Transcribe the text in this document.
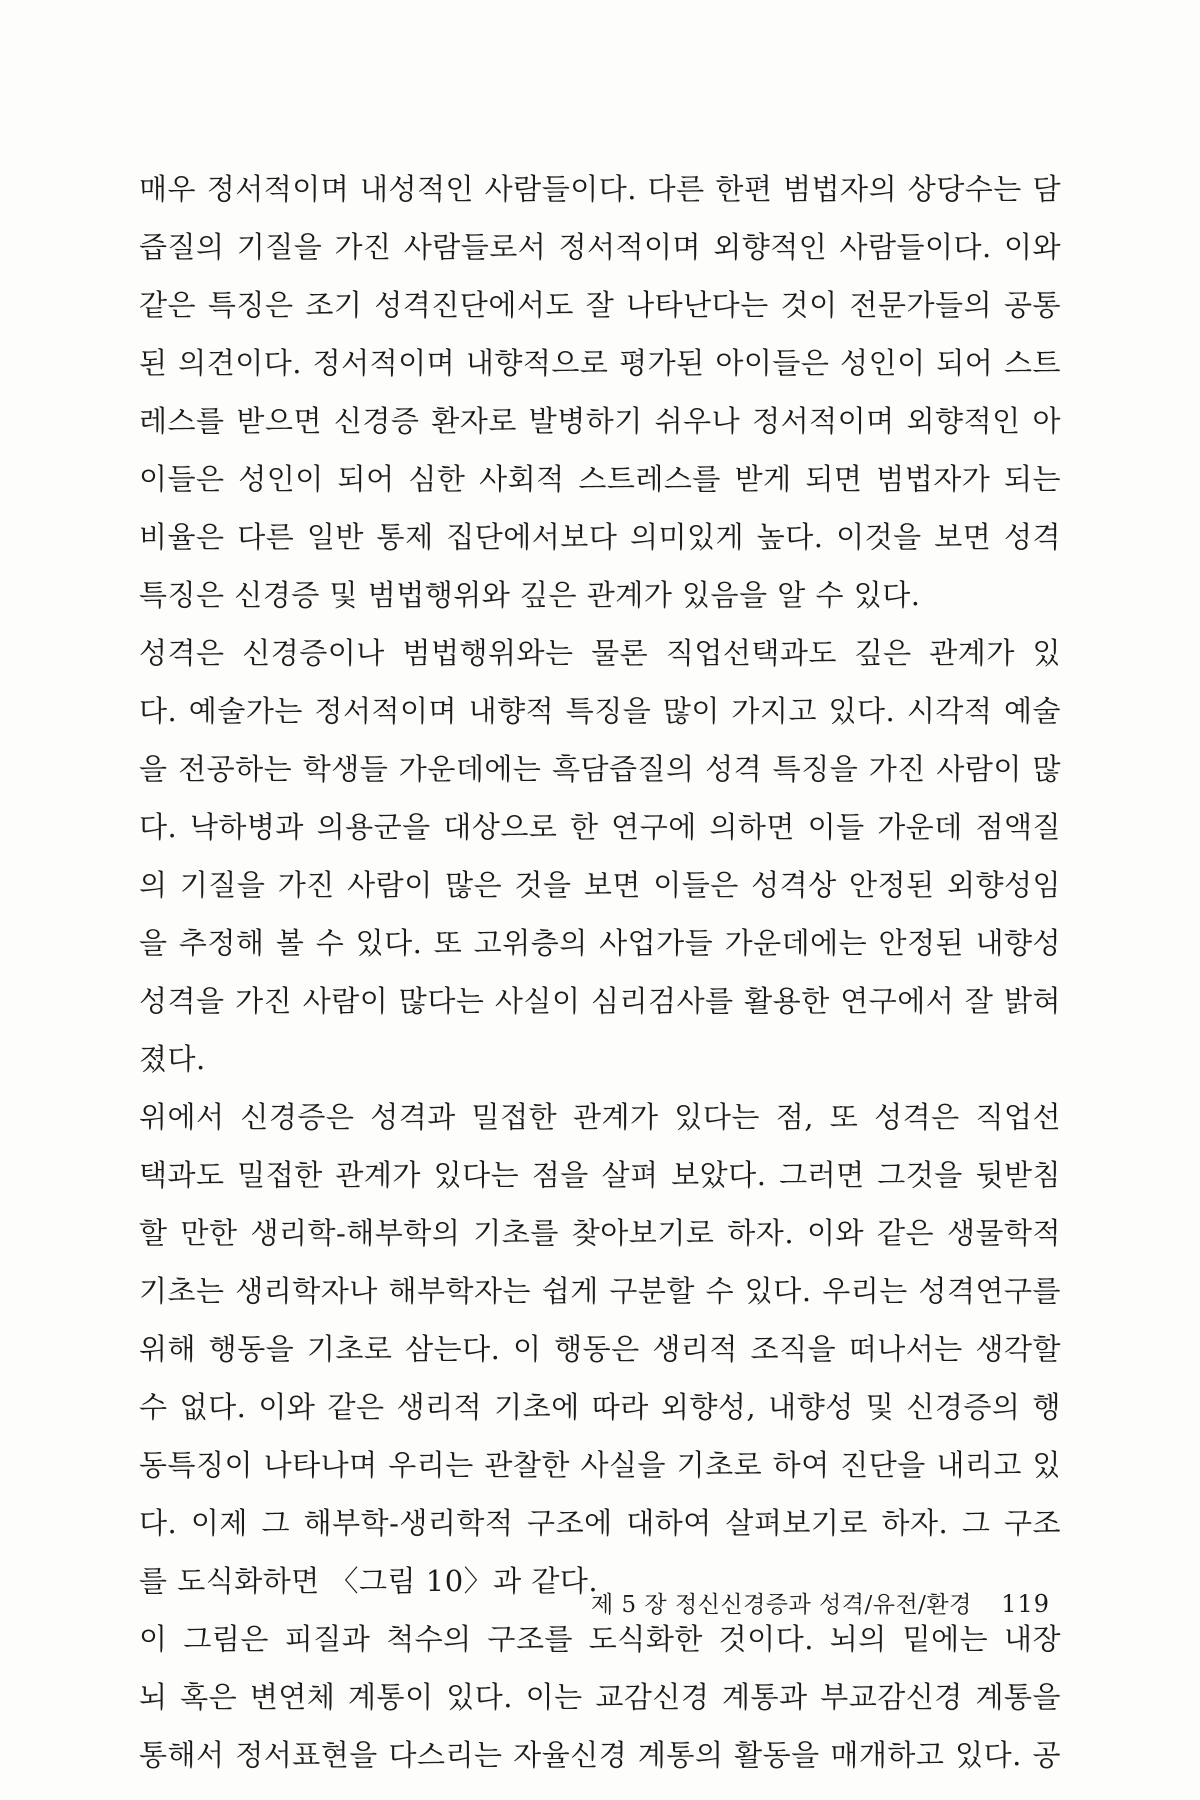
매우 정서적이며 내성적인 사람들이다. 다른 한편 범법자의 상당수는 담
즙질의 기질을 가진 사람들로서 정서적이며 외향적인 사람들이다. 이와
같은 특징은 조기 성격진단에서도 잘 나타난다는 것이 전문가들의 공통
된 의견이다. 정서적이며 내향적으로 평가된 아이들은 성인이 되어 스트
레스를 받으면 신경증 환자로 발병하기 쉬우나 정서적이며 외향적인 아
이들은 성인이 되어 심한 사회적 스트레스를 받게 되면 범법자가 되는
비율은 다른 일반 통제 집단에서보다 의미있게 높다. 이것을 보면 성격
특징은 신경증 및 범법행위와 깊은 관계가 있음을 알 수 있다.
성격은 신경증이나 범법행위와는 물론 직업선택과도 깊은 관계가 있
다. 예술가는 정서적이며 내향적 특징을 많이 가지고 있다. 시각적 예술
을 전공하는 학생들 가운데에는 흑담즙질의 성격 특징을 가진 사람이 많
다. 낙하병과 의용군을 대상으로 한 연구에 의하면 이들 가운데 점액질
의 기질을 가진 사람이 많은 것을 보면 이들은 성격상 안정된 외향성임
을 추정해 볼 수 있다. 또 고위층의 사업가들 가운데에는 안정된 내향성
성격을 가진 사람이 많다는 사실이 심리검사를 활용한 연구에서 잘 밝혀
졌다.
위에서 신경증은 성격과 밀접한 관계가 있다는 점, 또 성격은 직업선
택과도 밀접한 관계가 있다는 점을 살펴 보았다. 그러면 그것을 뒷받침
할 만한 생리학-해부학의 기초를 찾아보기로 하자. 이와 같은 생물학적
기초는 생리학자나 해부학자는 쉽게 구분할 수 있다. 우리는 성격연구를
위해 행동을 기초로 삼는다. 이 행동은 생리적 조직을 떠나서는 생각할
수 없다. 이와 같은 생리적 기초에 따라 외향성, 내향성 및 신경증의 행
동특징이 나타나며 우리는 관찰한 사실을 기초로 하여 진단을 내리고 있
다. 이제 그 해부학-생리학적 구조에 대하여 살펴보기로 하자. 그 구조
를 도식화하면 〈그림 10〉과 같다.
이 그림은 피질과 척수의 구조를 도식화한 것이다. 뇌의 밑에는 내장
뇌 혹은 변연체 계통이 있다. 이는 교감신경 계통과 부교감신경 계통을
통해서 정서표현을 다스리는 자율신경 계통의 활동을 매개하고 있다. 공
제 5 장 정신신경증과 성격/유전/환경 119
